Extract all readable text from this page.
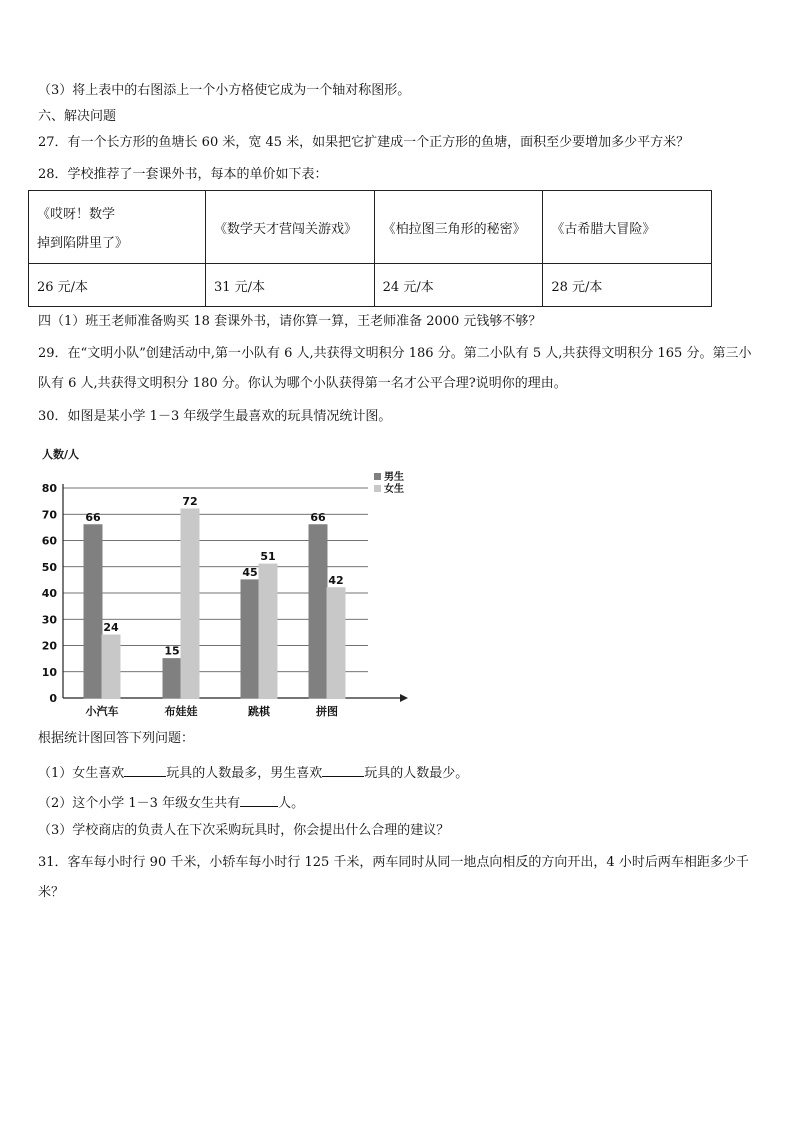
（3）将上表中的右图添上一个小方格使它成为一个轴对称图形。
六、解决问题
27．有一个长方形的鱼塘长 60 米，宽 45 米，如果把它扩建成一个正方形的鱼塘，面积至少要增加多少平方米？
28．学校推荐了一套课外书，每本的单价如下表：
《哎呀！数学
掉到陷阱里了》	《数学天才营闯关游戏》	《柏拉图三角形的秘密》	《古希腊大冒险》
26 元/本	31 元/本	24 元/本	28 元/本
四（1）班王老师准备购买 18 套课外书，请你算一算，王老师准备 2000 元钱够不够？
29．在“文明小队”创建活动中,第一小队有 6 人,共获得文明积分 186 分。第二小队有 5 人,共获得文明积分 165 分。第三小队有 6 人,共获得文明积分 180 分。你认为哪个小队获得第一名才公平合理?说明你的理由。
30．如图是某小学 1－3 年级学生最喜欢的玩具情况统计图。
人数/人
0
10
20
30
40
50
60
70
80
66
24
小汽车
15
72
布娃娃
45
51
跳棋
66
42
拼图
男生
女生
根据统计图回答下列问题：
（1）女生喜欢	玩具的人数最多，男生喜欢	玩具的人数最少。
（2）这个小学 1－3 年级女生共有	人。
（3）学校商店的负责人在下次采购玩具时，你会提出什么合理的建议？
31．客车每小时行 90 千米，小轿车每小时行 125 千米，两车同时从同一地点向相反的方向开出，4 小时后两车相距多少千米？
